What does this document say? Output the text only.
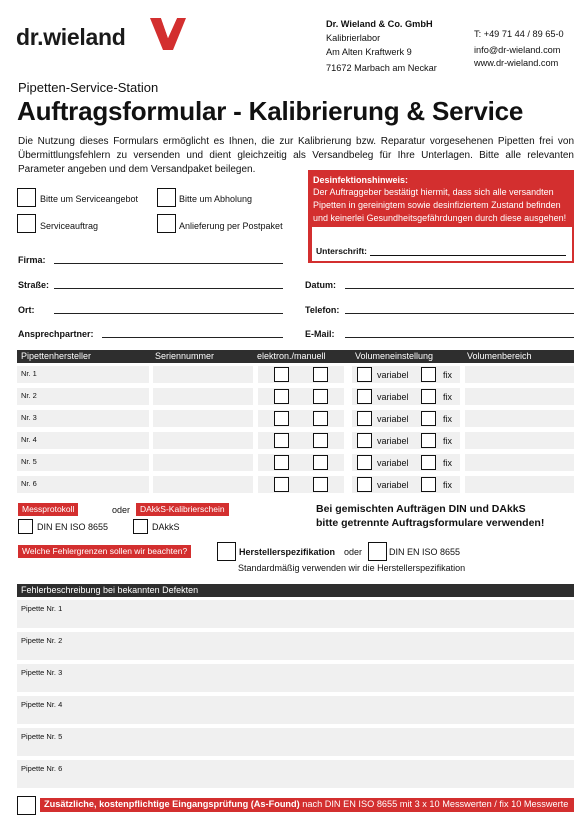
dr.wieland	Dr. Wieland & Co. GmbH
Kalibrierlabor
Am Alten Kraftwerk 9
71672 Marbach am Neckar
T: +49 71 44 / 89 65-0
info@dr-wieland.com
www.dr-wieland.com
Pipetten-Service-Station
Auftragsformular - Kalibrierung & Service
Die Nutzung dieses Formulars ermöglicht es Ihnen, die zur Kalibrierung bzw. Reparatur vorgesehenen Pipetten frei von Übermittlungsfehlern zu versenden und dient gleichzeitig als Versandbeleg für Ihre Unterlagen. Bitte alle relevanten Parameter angeben und dem Versandpaket beilegen.
Bitte um Serviceangebot	Bitte um Abholung
Serviceauftrag	Anlieferung per Postpaket
Desinfektionshinweis:
Der Auftraggeber bestätigt hiermit, dass sich alle versandten Pipetten in gereinigtem sowie desinfiziertem Zustand befinden und keinerlei Gesundheitsgefährdungen durch diese ausgehen!
Unterschrift:
Firma:
Straße:
Ort:
Ansprechpartner:
Datum:
Telefon:
E-Mail:
Pipettenhersteller	Seriennummer	elektron./manuell	Volumeneinstellung	Volumenbereich
Nr. 1	variabel	fix
Nr. 2	variabel	fix
Nr. 3	variabel	fix
Nr. 4	variabel	fix
Nr. 5	variabel	fix
Nr. 6	variabel	fix
Messprotokoll	oder	DAkkS-Kalibrierschein
DIN EN ISO 8655	DAkkS
Bei gemischten Aufträgen DIN und DAkkS
bitte getrennte Auftragsformulare verwenden!
Welche Fehlergrenzen sollen wir beachten?	Herstellerspezifikation oder	DIN EN ISO 8655
Standardmäßig verwenden wir die Herstellerspezifikation
Fehlerbeschreibung bei bekannten Defekten
Pipette Nr. 1
Pipette Nr. 2
Pipette Nr. 3
Pipette Nr. 4
Pipette Nr. 5
Pipette Nr. 6
Zusätzliche, kostenpflichtige Eingangsprüfung (As-Found) nach DIN EN ISO 8655 mit 3 x 10 Messwerten / fix 10 Messwerte
